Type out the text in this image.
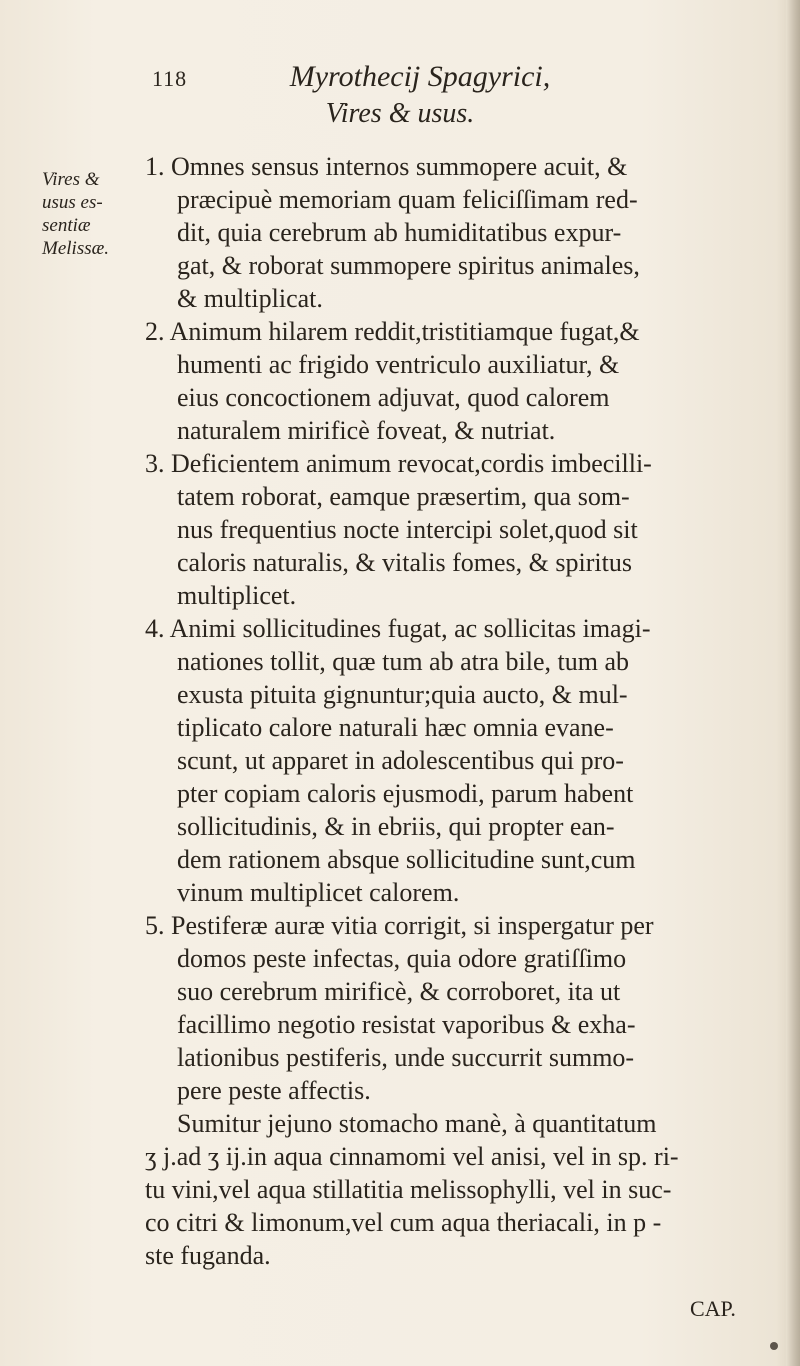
118	Myrothecij Spagyrici,
Vires & usus.
Vires &
usus es-
sentiæ
Melissæ.
1. Omnes sensus internos summopere acuit, &
præcipuè memoriam quam feliciſſimam red-
dit, quia cerebrum ab humiditatibus expur-
gat, & roborat summopere spiritus animales,
& multiplicat.
2. Animum hilarem reddit,tristitiamque fugat,&
humenti ac frigido ventriculo auxiliatur, &
eius concoctionem adjuvat, quod calorem
naturalem mirificè foveat, & nutriat.
3. Deficientem animum revocat,cordis imbecilli-
tatem roborat, eamque præsertim, qua som-
nus frequentius nocte intercipi solet,quod sit
caloris naturalis, & vitalis fomes, & spiritus
multiplicet.
4. Animi sollicitudines fugat, ac sollicitas imagi-
nationes tollit, quæ tum ab atra bile, tum ab
exusta pituita gignuntur;quia aucto, & mul-
tiplicato calore naturali hæc omnia evane-
scunt, ut apparet in adolescentibus qui pro-
pter copiam caloris ejusmodi, parum habent
sollicitudinis, & in ebriis, qui propter ean-
dem rationem absque sollicitudine sunt,cum
vinum multiplicet calorem.
5. Pestiferæ auræ vitia corrigit, si inspergatur per
domos peste infectas, quia odore gratiſſimo
suo cerebrum mirificè, & corroboret, ita ut
facillimo negotio resistat vaporibus & exha-
lationibus pestiferis, unde succurrit summo-
pere peste affectis.
Sumitur jejuno stomacho manè, à quantitatum
ʒ j.ad ʒ ij.in aqua cinnamomi vel anisi, vel in sp. ri-
tu vini,vel aqua stillatitia melissophylli, vel in suc-
co citri & limonum,vel cum aqua theriacali, in p -
ste fuganda.
CAP.
